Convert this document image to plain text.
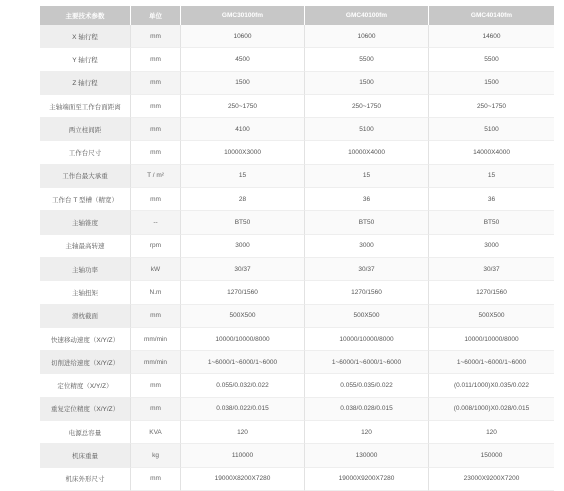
主要技术参数	单位	GMC30100fm	GMC40100fm	GMC40140fm
X 轴行程	mm	10600	10600	14600
Y 轴行程	mm	4500	5500	5500
Z 轴行程	mm	1500	1500	1500
主轴端面至工作台面距离	mm	250~1750	250~1750	250~1750
两立柱间距	mm	4100	5100	5100
工作台尺寸	mm	10000X3000	10000X4000	14000X4000
工作台最大承重	T / m²	15	15	15
工作台 T 型槽（精宽）	mm	28	36	36
主轴锥度	--	BT50	BT50	BT50
主轴最高转速	rpm	3000	3000	3000
主轴功率	kW	30/37	30/37	30/37
主轴扭矩	N.m	1270/1560	1270/1560	1270/1560
滑枕截面	mm	500X500	500X500	500X500
快速移动速度（X/Y/Z）	mm/min	10000/10000/8000	10000/10000/8000	10000/10000/8000
切削进给速度（X/Y/Z）	mm/min	1~6000/1~6000/1~6000	1~6000/1~6000/1~6000	1~6000/1~6000/1~6000
定位精度（X/Y/Z）	mm	0.055/0.032/0.022	0.055/0.035/0.022	(0.011/1000)X0.035/0.022
重复定位精度（X/Y/Z）	mm	0.038/0.022/0.015	0.038/0.028/0.015	(0.008/1000)X0.028/0.015
电源总容量	KVA	120	120	120
机床重量	kg	110000	130000	150000
机床外形尺寸	mm	19000X8200X7280	19000X9200X7280	23000X9200X7200
